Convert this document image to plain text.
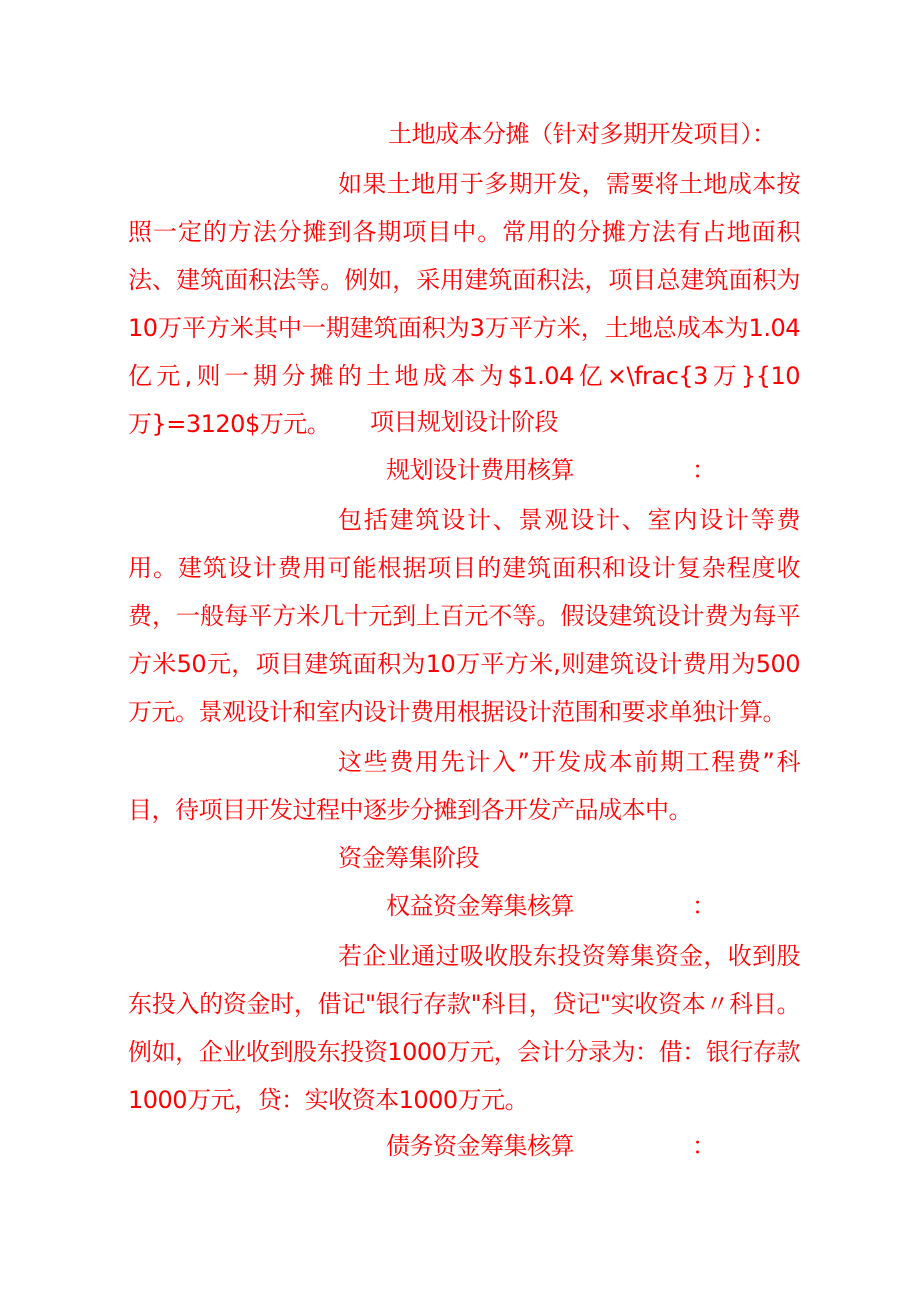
土地成本分摊（针对多期开发项目）：

如果土地用于多期开发，需要将土地成本按照一定的方法分摊到各期项目中。常用的分摊方法有占地面积法、建筑面积法等。例如，采用建筑面积法，项目总建筑面积为10万平方米其中一期建筑面积为3万平方米，土地总成本为1.04亿元,则一期分摊的土地成本为$1.04亿×\frac{3万}{10万}=3120$万元。	项目规划设计阶段
规划设计费用核算	：

包括建筑设计、景观设计、室内设计等费用。建筑设计费用可能根据项目的建筑面积和设计复杂程度收费，一般每平方米几十元到上百元不等。假设建筑设计费为每平方米50元，项目建筑面积为10万平方米,则建筑设计费用为500万元。景观设计和室内设计费用根据设计范围和要求单独计算。

这些费用先计入”开发成本前期工程费”科目，待项目开发过程中逐步分摊到各开发产品成本中。

资金筹集阶段
权益资金筹集核算	：

若企业通过吸收股东投资筹集资金，收到股东投入的资金时，借记"银行存款"科目，贷记"实收资本〃科目。例如，企业收到股东投资1000万元，会计分录为：借：银行存款1000万元，贷：实收资本1000万元。

债务资金筹集核算	：
